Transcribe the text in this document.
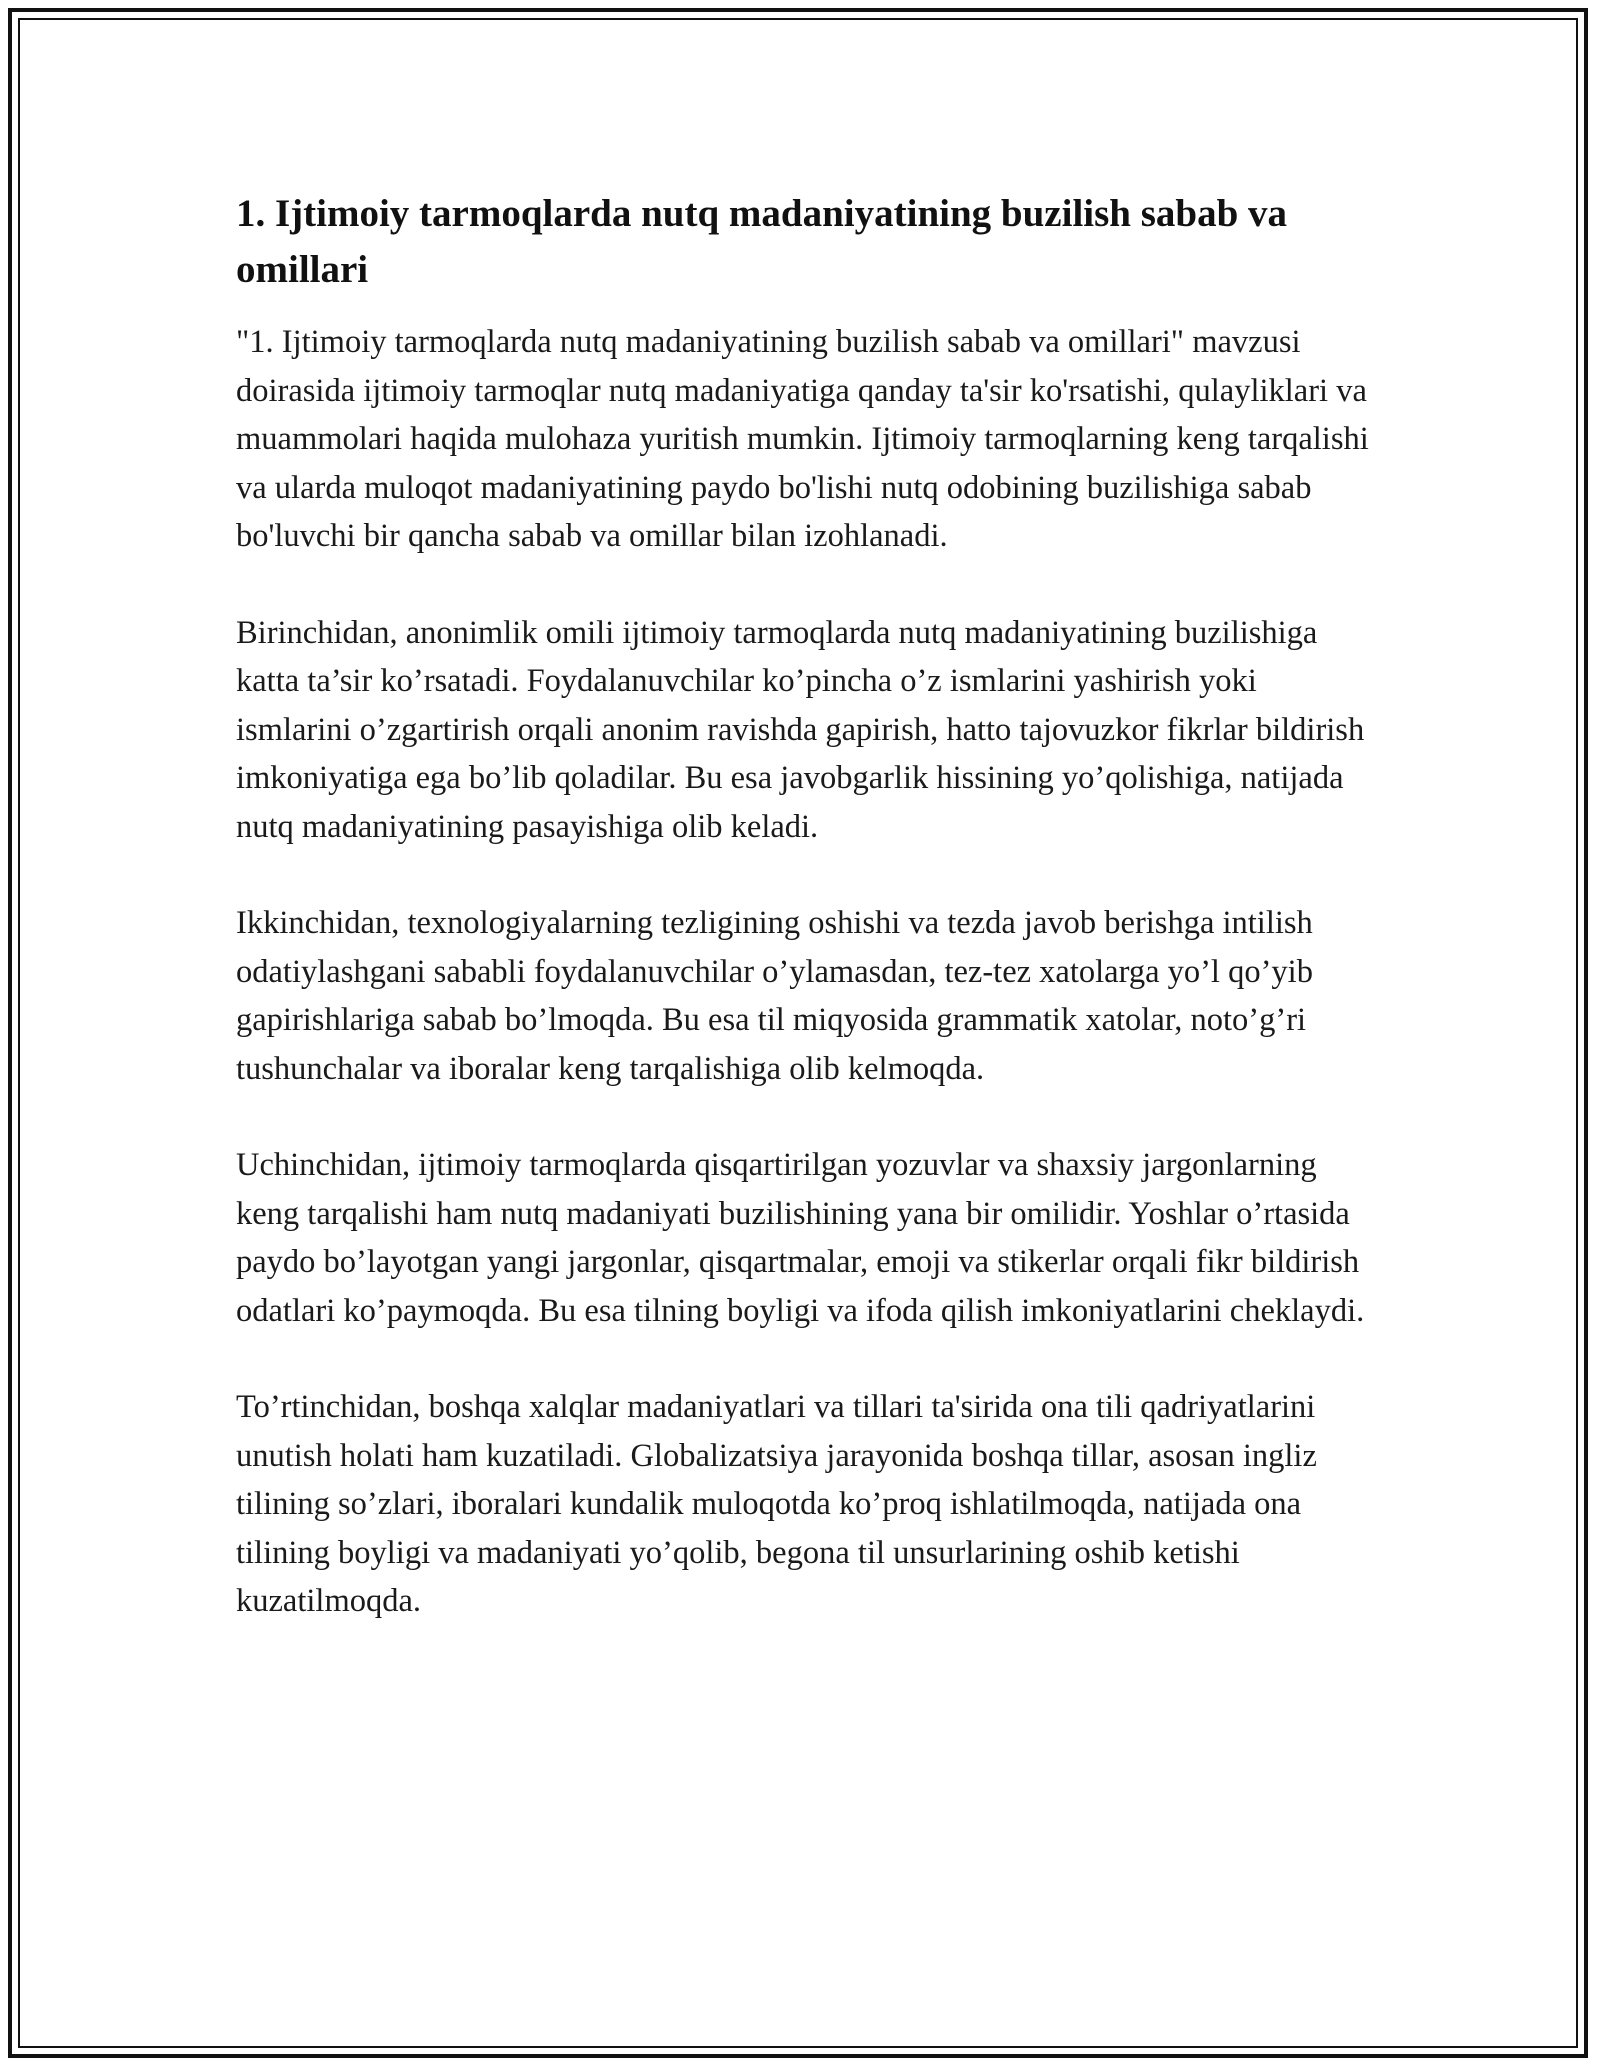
1. Ijtimoiy tarmoqlarda nutq madaniyatining buzilish sabab va omillari

"1. Ijtimoiy tarmoqlarda nutq madaniyatining buzilish sabab va omillari" mavzusi doirasida ijtimoiy tarmoqlar nutq madaniyatiga qanday ta'sir ko'rsatishi, qulayliklari va muammolari haqida mulohaza yuritish mumkin. Ijtimoiy tarmoqlarning keng tarqalishi va ularda muloqot madaniyatining paydo bo'lishi nutq odobining buzilishiga sabab bo'luvchi bir qancha sabab va omillar bilan izohlanadi.

Birinchidan, anonimlik omili ijtimoiy tarmoqlarda nutq madaniyatining buzilishiga katta ta’sir ko’rsatadi. Foydalanuvchilar ko’pincha o’z ismlarini yashirish yoki ismlarini o’zgartirish orqali anonim ravishda gapirish, hatto tajovuzkor fikrlar bildirish imkoniyatiga ega bo’lib qoladilar. Bu esa javobgarlik hissining yo’qolishiga, natijada nutq madaniyatining pasayishiga olib keladi.

Ikkinchidan, texnologiyalarning tezligining oshishi va tezda javob berishga intilish odatiylashgani sababli foydalanuvchilar o’ylamasdan, tez-tez xatolarga yo’l qo’yib gapirishlariga sabab bo’lmoqda. Bu esa til miqyosida grammatik xatolar, noto’g’ri tushunchalar va iboralar keng tarqalishiga olib kelmoqda.

Uchinchidan, ijtimoiy tarmoqlarda qisqartirilgan yozuvlar va shaxsiy jargonlarning keng tarqalishi ham nutq madaniyati buzilishining yana bir omilidir. Yoshlar o’rtasida paydo bo’layotgan yangi jargonlar, qisqartmalar, emoji va stikerlar orqali fikr bildirish odatlari ko’paymoqda. Bu esa tilning boyligi va ifoda qilish imkoniyatlarini cheklaydi.

To’rtinchidan, boshqa xalqlar madaniyatlari va tillari ta'sirida ona tili qadriyatlarini unutish holati ham kuzatiladi. Globalizatsiya jarayonida boshqa tillar, asosan ingliz tilining so’zlari, iboralari kundalik muloqotda ko’proq ishlatilmoqda, natijada ona tilining boyligi va madaniyati yo’qolib, begona til unsurlarining oshib ketishi kuzatilmoqda.
